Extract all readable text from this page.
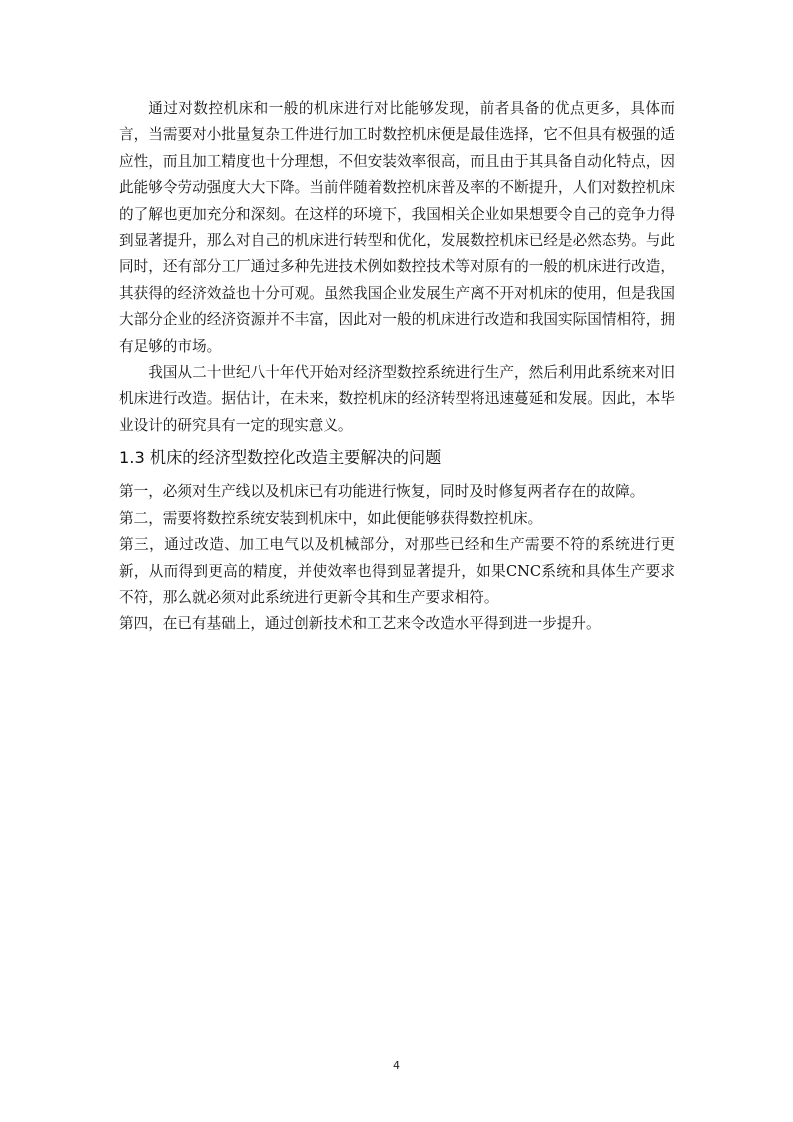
通过对数控机床和一般的机床进行对比能够发现，前者具备的优点更多，具体而言，当需要对小批量复杂工件进行加工时数控机床便是最佳选择，它不但具有极强的适应性，而且加工精度也十分理想，不但安装效率很高，而且由于其具备自动化特点，因此能够令劳动强度大大下降。当前伴随着数控机床普及率的不断提升，人们对数控机床的了解也更加充分和深刻。在这样的环境下，我国相关企业如果想要令自己的竞争力得到显著提升，那么对自己的机床进行转型和优化，发展数控机床已经是必然态势。与此同时，还有部分工厂通过多种先进技术例如数控技术等对原有的一般的机床进行改造，其获得的经济效益也十分可观。虽然我国企业发展生产离不开对机床的使用，但是我国大部分企业的经济资源并不丰富，因此对一般的机床进行改造和我国实际国情相符，拥有足够的市场。

我国从二十世纪八十年代开始对经济型数控系统进行生产，然后利用此系统来对旧机床进行改造。据估计，在未来，数控机床的经济转型将迅速蔓延和发展。因此，本毕业设计的研究具有一定的现实意义。

1.3 机床的经济型数控化改造主要解决的问题
第一，必须对生产线以及机床已有功能进行恢复，同时及时修复两者存在的故障。
第二，需要将数控系统安装到机床中，如此便能够获得数控机床。
第三，通过改造、加工电气以及机械部分，对那些已经和生产需要不符的系统进行更新，从而得到更高的精度，并使效率也得到显著提升，如果CNC系统和具体生产要求不符，那么就必须对此系统进行更新令其和生产要求相符。
第四，在已有基础上，通过创新技术和工艺来令改造水平得到进一步提升。
4
